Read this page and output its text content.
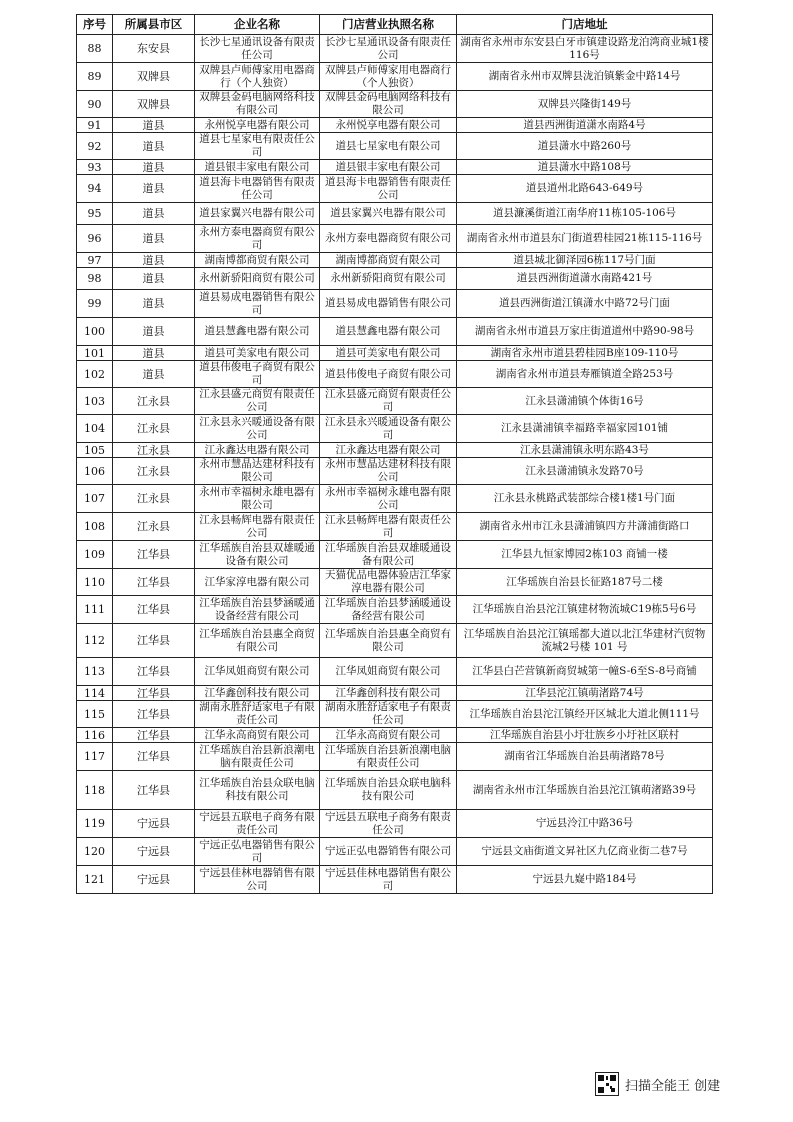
序号	所属县市区	企业名称	门店营业执照名称	门店地址
88	东安县	长沙七星通讯设备有限责任公司	长沙七星通讯设备有限责任公司	湖南省永州市东安县白牙市镇建设路龙泊湾商业城1楼116号
89	双牌县	双牌县卢师傅家用电器商行（个人独资）	双牌县卢师傅家用电器商行（个人独资）	湖南省永州市双牌县泷泊镇紫金中路14号
90	双牌县	双牌县金码电脑网络科技有限公司	双牌县金码电脑网络科技有限公司	双牌县兴隆街149号
91	道县	永州悦享电器有限公司	永州悦享电器有限公司	道县西洲街道潇水南路4号
92	道县	道县七星家电有限责任公司	道县七星家电有限公司	道县潇水中路260号
93	道县	道县银丰家电有限公司	道县银丰家电有限公司	道县潇水中路108号
94	道县	道县海卡电器销售有限责任公司	道县海卡电器销售有限责任公司	道县道州北路643-649号
95	道县	道县家翼兴电器有限公司	道县家翼兴电器有限公司	道县濂溪街道江南华府11栋105-106号
96	道县	永州方泰电器商贸有限公司	永州方泰电器商贸有限公司	湖南省永州市道县东门街道碧桂园21栋115-116号
97	道县	湖南博都商贸有限公司	湖南博都商贸有限公司	道县城北御泽园6栋117号门面
98	道县	永州新骄阳商贸有限公司	永州新骄阳商贸有限公司	道县西洲街道潇水南路421号
99	道县	道县易成电器销售有限公司	道县易成电器销售有限公司	道县西洲街道江镇潇水中路72号门面
100	道县	道县慧鑫电器有限公司	道县慧鑫电器有限公司	湖南省永州市道县万家庄街道道州中路90-98号
101	道县	道县可美家电有限公司	道县可美家电有限公司	湖南省永州市道县碧桂园B座109-110号
102	道县	道县伟俊电子商贸有限公司	道县伟俊电子商贸有限公司	湖南省永州市道县寿雁镇道全路253号
103	江永县	江永县盛元商贸有限责任公司	江永县盛元商贸有限责任公司	江永县潇浦镇个体街16号
104	江永县	江永县永兴暖通设备有限公司	江永县永兴暖通设备有限公司	江永县潇浦镇幸福路幸福家园101铺
105	江永县	江永鑫达电器有限公司	江永鑫达电器有限公司	江永县潇浦镇永明东路43号
106	江永县	永州市慧晶达建材科技有限公司	永州市慧晶达建材科技有限公司	江永县潇浦镇永发路70号
107	江永县	永州市幸福树永雄电器有限公司	永州市幸福树永雄电器有限公司	江永县永桃路武装部综合楼1楼1号门面
108	江永县	江永县畅辉电器有限责任公司	江永县畅辉电器有限责任公司	湖南省永州市江永县潇浦镇四方井潇浦街路口
109	江华县	江华瑶族自治县双雄暖通设备有限公司	江华瑶族自治县双雄暖通设备有限公司	江华县九恒家博园2栋103 商铺一楼
110	江华县	江华家淳电器有限公司	天猫优品电器体验店江华家淳电器有限公司	江华瑶族自治县长征路187号二楼
111	江华县	江华瑶族自治县梦涵暖通设备经营有限公司	江华瑶族自治县梦涵暖通设备经营有限公司	江华瑶族自治县沱江镇建材物流城C19栋5号6号
112	江华县	江华瑶族自治县惠全商贸有限公司	江华瑶族自治县惠全商贸有限公司	江华瑶族自治县沱江镇瑶都大道以北江华建材汽贸物流城2号楼 101 号
113	江华县	江华凤姐商贸有限公司	江华凤姐商贸有限公司	江华县白芒营镇新商贸城第一幢S-6至S-8号商铺
114	江华县	江华鑫创科技有限公司	江华鑫创科技有限公司	江华县沱江镇萌渚路74号
115	江华县	湖南永胜舒适家电子有限责任公司	湖南永胜舒适家电子有限责任公司	江华瑶族自治县沱江镇经开区城北大道北侧111号
116	江华县	江华永高商贸有限公司	江华永高商贸有限公司	江华瑶族自治县小圩壮族乡小圩社区联村
117	江华县	江华瑶族自治县新浪潮电脑有限责任公司	江华瑶族自治县新浪潮电脑有限责任公司	湖南省江华瑶族自治县萌渚路78号
118	江华县	江华瑶族自治县众联电脑科技有限公司	江华瑶族自治县众联电脑科技有限公司	湖南省永州市江华瑶族自治县沱江镇萌渚路39号
119	宁远县	宁远县五联电子商务有限责任公司	宁远县五联电子商务有限责任公司	宁远县泠江中路36号
120	宁远县	宁远正弘电器销售有限公司	宁远正弘电器销售有限公司	宁远县文庙街道文昇社区九亿商业街二巷7号
121	宁远县	宁远县佳林电器销售有限公司	宁远县佳林电器销售有限公司	宁远县九嶷中路184号
扫描全能王 创建
